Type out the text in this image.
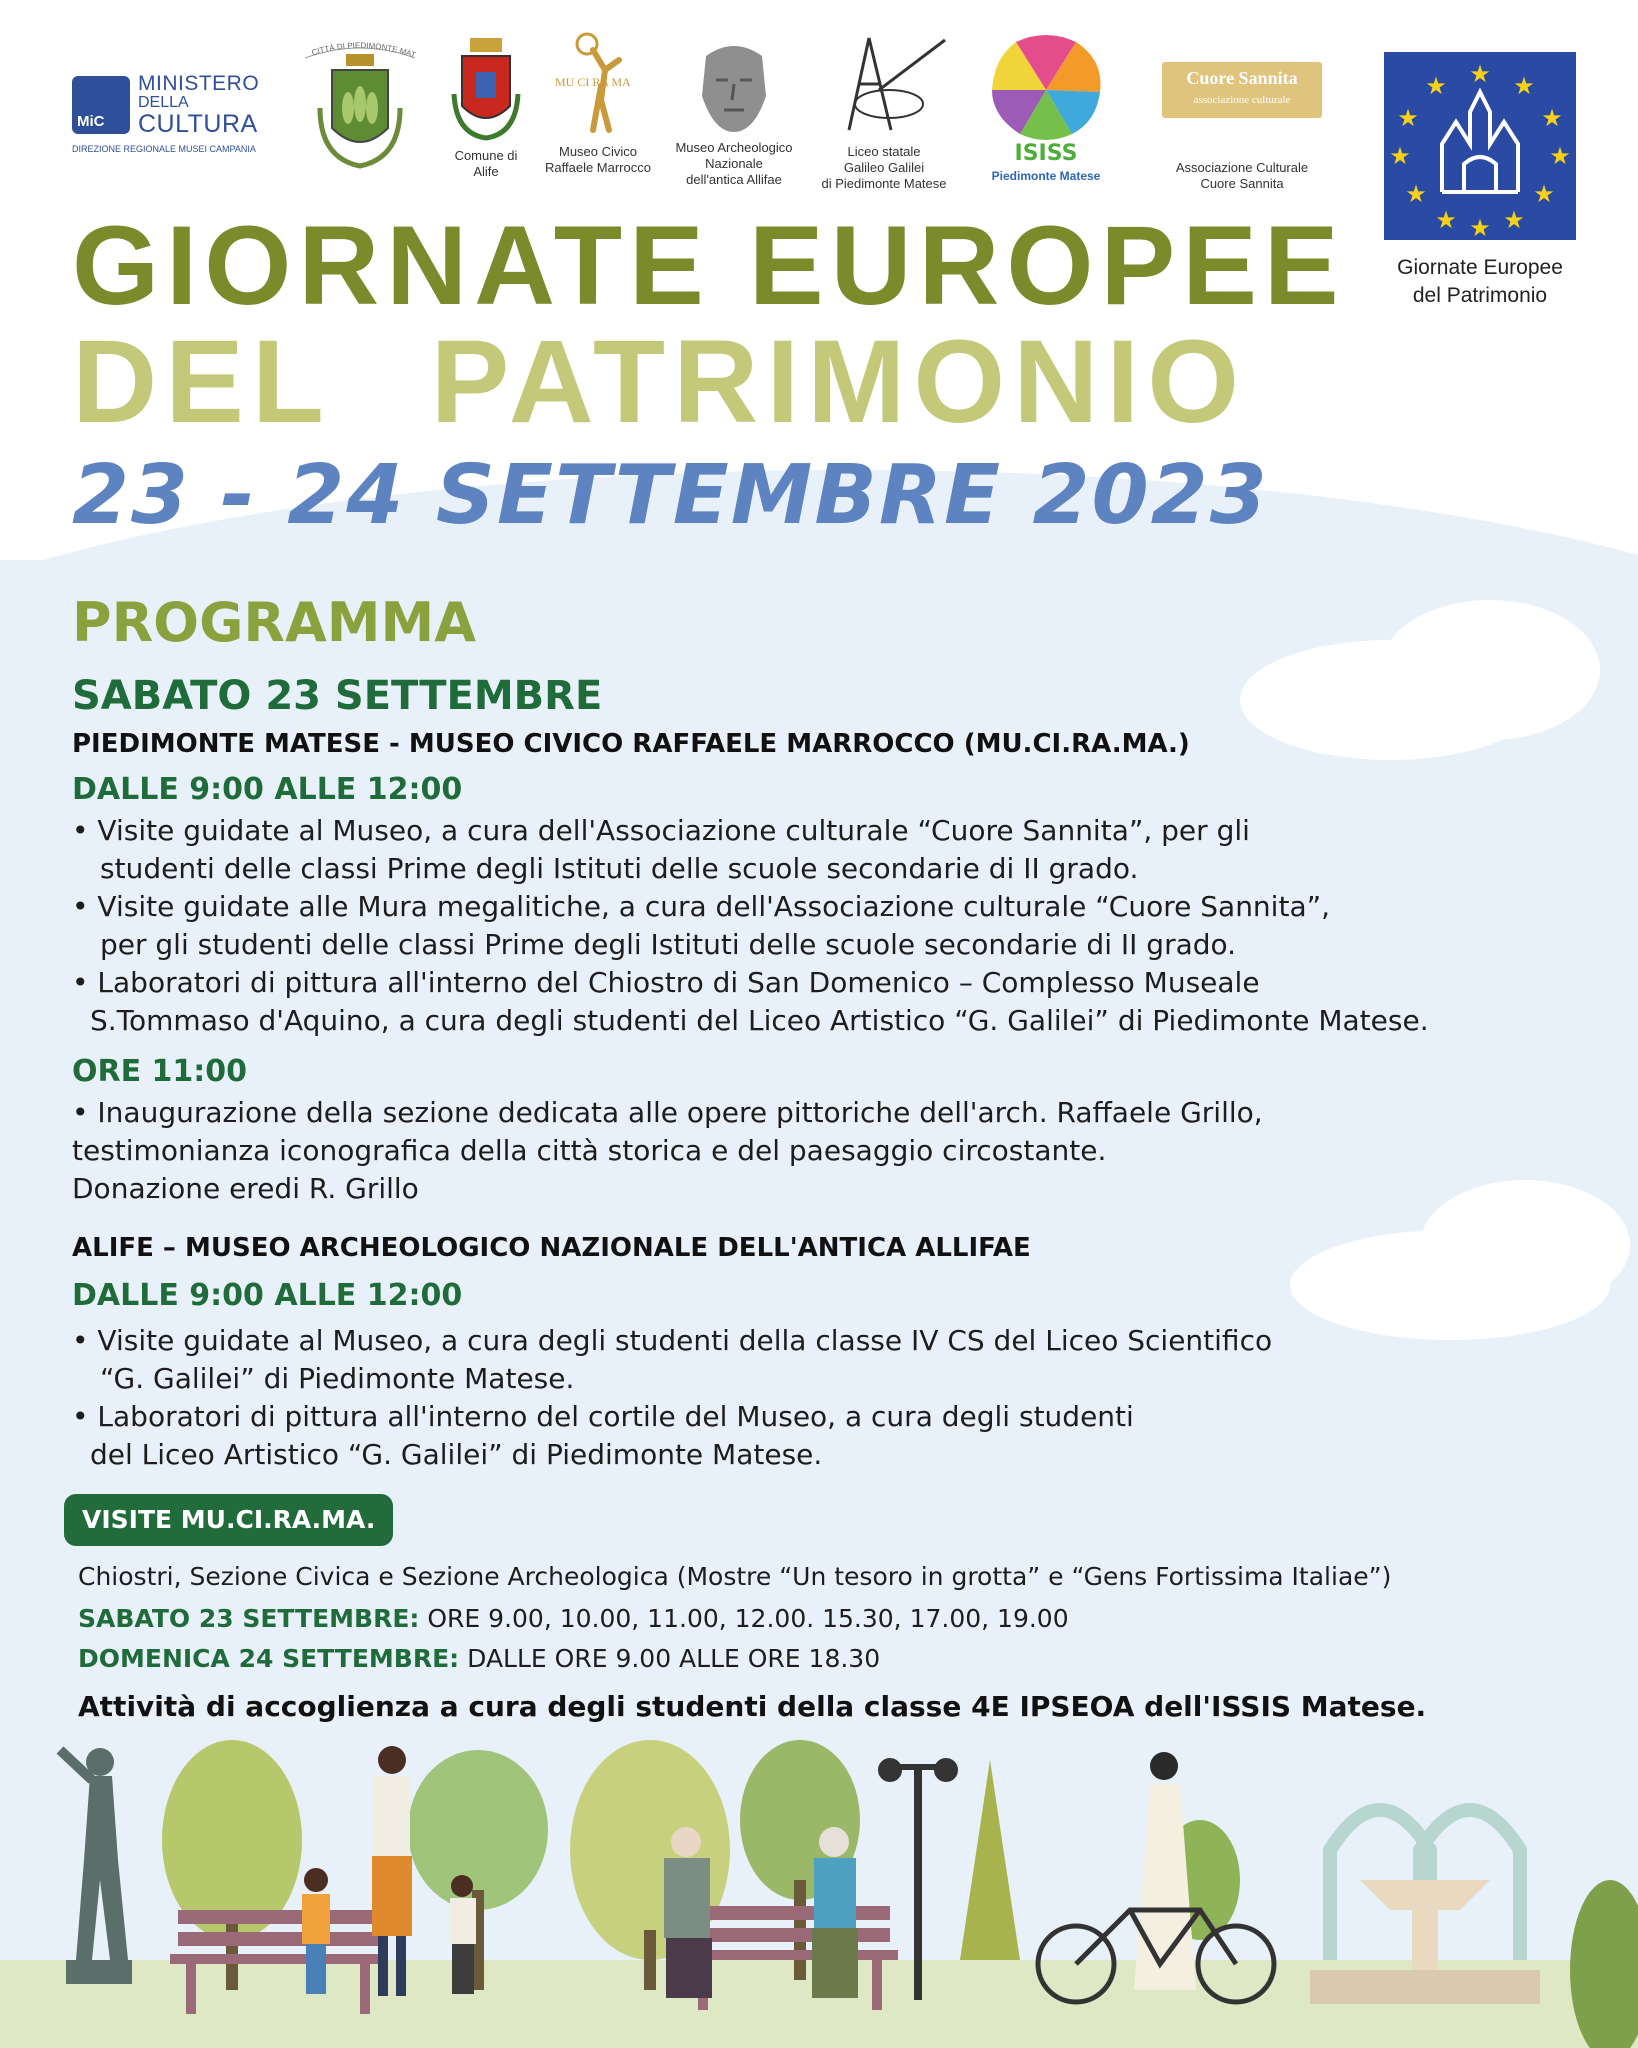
MiC
MINISTERO
DELLA
CULTURA
DIREZIONE REGIONALE MUSEI CAMPANIA
CITTÀ DI PIEDIMONTE MAT
Comune di
Alife
MU CI RA MA
Museo Civico
Raffaele Marrocco
Museo Archeologico
Nazionale
dell'antica Allifae
Liceo statale
Galileo Galilei
di Piedimonte Matese
ISISS
Piedimonte Matese
Cuore Sannita
associazione culturale
Associazione Culturale
Cuore Sannita
★ ★
★
★
★
★
★
★
★
★
★
★
Giornate Europee
del Patrimonio
GIORNATE EUROPEE
DEL PATRIMONIO
23 - 24 SETTEMBRE 2023
PROGRAMMA
SABATO 23 SETTEMBRE
PIEDIMONTE MATESE - MUSEO CIVICO RAFFAELE MARROCCO (MU.CI.RA.MA.)
DALLE 9:00 ALLE 12:00
• Visite guidate al Museo, a cura dell'Associazione culturale “Cuore Sannita”, per gli
studenti delle classi Prime degli Istituti delle scuole secondarie di II grado.
• Visite guidate alle Mura megalitiche, a cura dell'Associazione culturale “Cuore Sannita”,
per gli studenti delle classi Prime degli Istituti delle scuole secondarie di II grado.
• Laboratori di pittura all'interno del Chiostro di San Domenico – Complesso Museale
S.Tommaso d'Aquino, a cura degli studenti del Liceo Artistico “G. Galilei” di Piedimonte Matese.
ORE 11:00
• Inaugurazione della sezione dedicata alle opere pittoriche dell'arch. Raffaele Grillo,
testimonianza iconografica della città storica e del paesaggio circostante.
Donazione eredi R. Grillo
ALIFE – MUSEO ARCHEOLOGICO NAZIONALE DELL'ANTICA ALLIFAE
DALLE 9:00 ALLE 12:00
• Visite guidate al Museo, a cura degli studenti della classe IV CS del Liceo Scientifico
“G. Galilei” di Piedimonte Matese.
• Laboratori di pittura all'interno del cortile del Museo, a cura degli studenti
del Liceo Artistico “G. Galilei” di Piedimonte Matese.
VISITE MU.CI.RA.MA.
Chiostri, Sezione Civica e Sezione Archeologica (Mostre “Un tesoro in grotta” e “Gens Fortissima Italiae”)
SABATO 23 SETTEMBRE: ORE 9.00, 10.00, 11.00, 12.00. 15.30, 17.00, 19.00
DOMENICA 24 SETTEMBRE: DALLE ORE 9.00 ALLE ORE 18.30
Attività di accoglienza a cura degli studenti della classe 4E IPSEOA dell'ISSIS Matese.
